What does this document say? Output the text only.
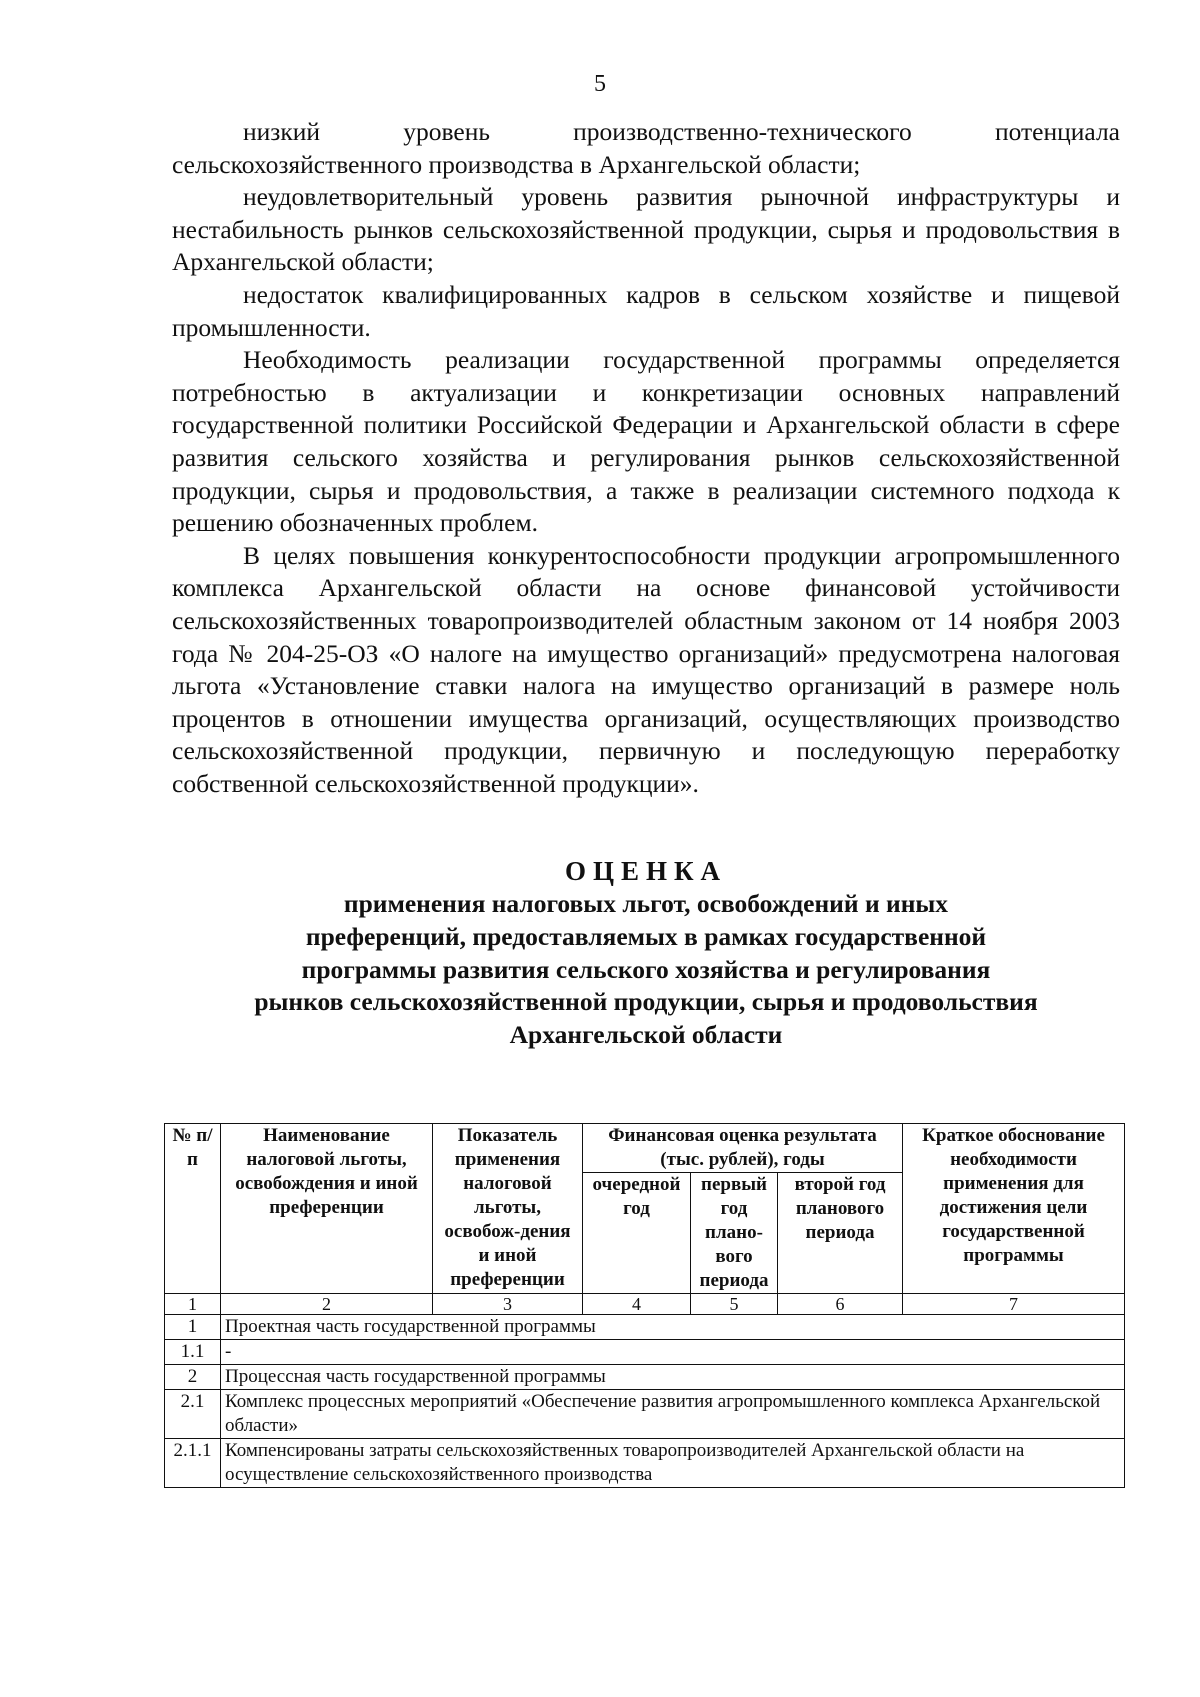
5

низкий уровень производственно-технического потенциала сельскохозяйственного производства в Архангельской области;

неудовлетворительный уровень развития рыночной инфраструктуры и нестабильность рынков сельскохозяйственной продукции, сырья и продовольствия в Архангельской области;

недостаток квалифицированных кадров в сельском хозяйстве и пищевой промышленности.

Необходимость реализации государственной программы определяется потребностью в актуализации и конкретизации основных направлений государственной политики Российской Федерации и Архангельской области в сфере развития сельского хозяйства и регулирования рынков сельскохозяйственной продукции, сырья и продовольствия, а также в реализации системного подхода к решению обозначенных проблем.

В целях повышения конкурентоспособности продукции агропромышленного комплекса Архангельской области на основе финансовой устойчивости сельскохозяйственных товаропроизводителей областным законом от 14 ноября 2003 года № 204-25-ОЗ «О налоге на имущество организаций» предусмотрена налоговая льгота «Установление ставки налога на имущество организаций в размере ноль процентов в отношении имущества организаций, осуществляющих производство сельскохозяйственной продукции, первичную и последующую переработку собственной сельскохозяйственной продукции».

ОЦЕНКА
применения налоговых льгот, освобождений и иных
преференций, предоставляемых в рамках государственной
программы развития сельского хозяйства и регулирования
рынков сельскохозяйственной продукции, сырья и продовольствия
Архангельской области
№ п/п	Наименование налоговой льготы, освобождения и иной преференции	Показатель применения налоговой льготы, освобож-дения и иной преференции	Финансовая оценка результата (тыс. рублей), годы			Краткое обоснование необходимости применения для достижения цели государственной программы
			очередной год	первый год плано-вого периода	второй год планового периода	
1	2	3	4	5	6	7
1	Проектная часть государственной программы					
1.1	-					
2	Процессная часть государственной программы					
2.1	Комплекс процессных мероприятий «Обеспечение развития агропромышленного комплекса Архангельской области»					
2.1.1	Компенсированы затраты сельскохозяйственных товаропроизводителей Архангельской области на осуществление сельскохозяйственного производства					
